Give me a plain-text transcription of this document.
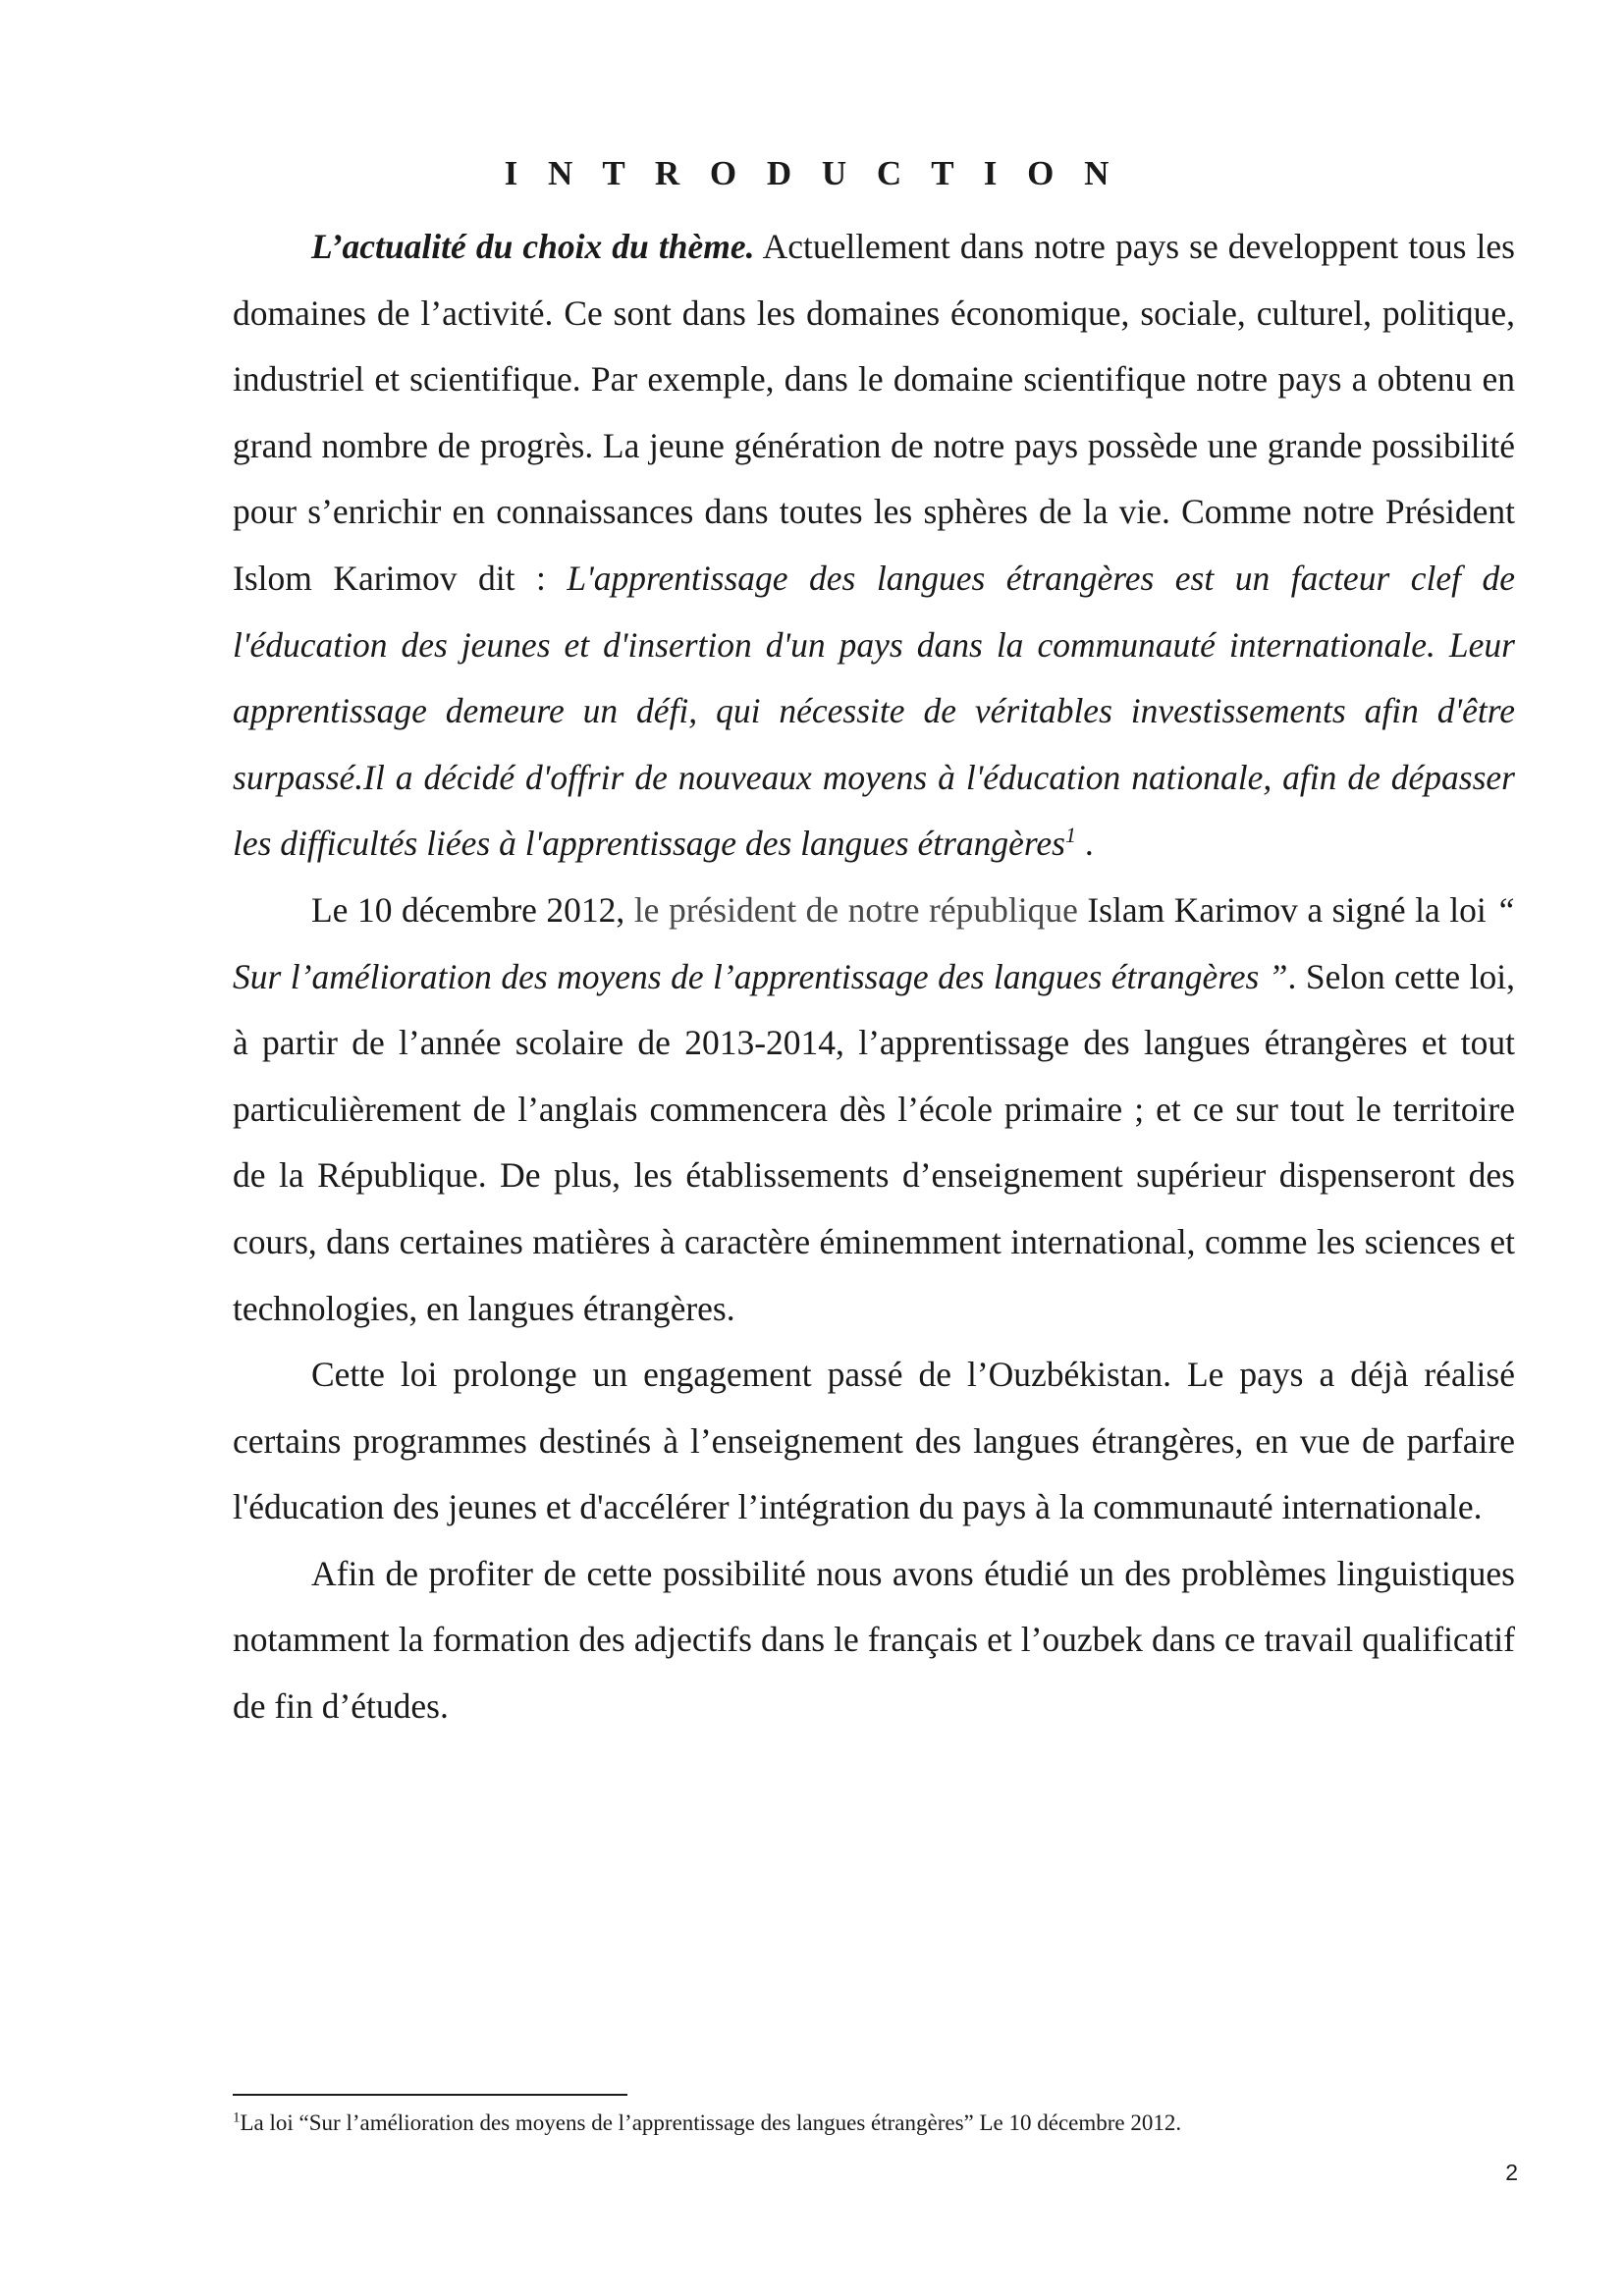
I N T R O D U C T I O N

L’actualité du choix du thème. Actuellement dans notre pays se developpent tous les domaines de l’activité. Ce sont dans les domaines économique, sociale, culturel, politique, industriel et scientifique. Par exemple, dans le domaine scientifique notre pays a obtenu en grand nombre de progrès. La jeune génération de notre pays possède une grande possibilité pour s’enrichir en connaissances dans toutes les sphères de la vie. Comme notre Président Islom Karimov dit : L'apprentissage des langues étrangères est un facteur clef de l'éducation des jeunes et d'insertion d'un pays dans la communauté internationale. Leur apprentissage demeure un défi, qui nécessite de véritables investissements afin d'être surpassé.Il a décidé d'offrir de nouveaux moyens à l'éducation nationale, afin de dépasser les difficultés liées à l'apprentissage des langues étrangères$^1$ .

Le 10 décembre 2012, le président de notre république Islam Karimov a signé la loi “ Sur l’amélioration des moyens de l’apprentissage des langues étrangères ”. Selon cette loi, à partir de l’année scolaire de 2013-2014, l’apprentissage des langues étrangères et tout particulièrement de l’anglais commencera dès l’école primaire ; et ce sur tout le territoire de la République. De plus, les établissements d’enseignement supérieur dispenseront des cours, dans certaines matières à caractère éminemment international, comme les sciences et technologies, en langues étrangères.

Cette loi prolonge un engagement passé de l’Ouzbékistan. Le pays a déjà réalisé certains programmes destinés à l’enseignement des langues étrangères, en vue de parfaire l'éducation des jeunes et d'accélérer l’intégration du pays à la communauté internationale.

Afin de profiter de cette possibilité nous avons étudié un des problèmes linguistiques notamment la formation des adjectifs dans le français et l’ouzbek dans ce travail qualificatif de fin d’études.

$^1$La loi “Sur l’amélioration des moyens de l’apprentissage des langues étrangères” Le 10 décembre 2012.

2
